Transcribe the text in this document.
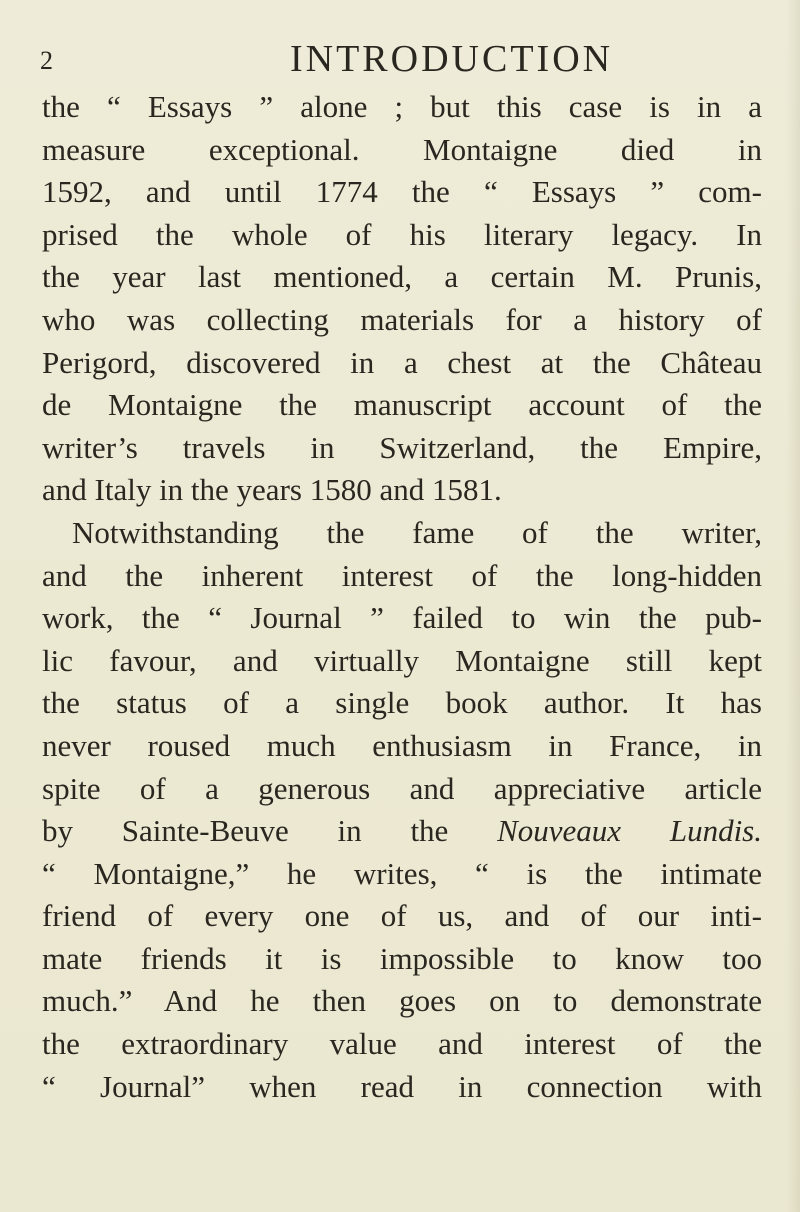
2	INTRODUCTION
the “ Essays ” alone ; but this case is in a
measure exceptional. Montaigne died in
1592, and until 1774 the “ Essays ” com-
prised the whole of his literary legacy. In
the year last mentioned, a certain M. Prunis,
who was collecting materials for a history of
Perigord, discovered in a chest at the Château
de Montaigne the manuscript account of the
writer’s travels in Switzerland, the Empire,
and Italy in the years 1580 and 1581.
Notwithstanding the fame of the writer,
and the inherent interest of the long-hidden
work, the “ Journal ” failed to win the pub-
lic favour, and virtually Montaigne still kept
the status of a single book author. It has
never roused much enthusiasm in France, in
spite of a generous and appreciative article
by Sainte-Beuve in the Nouveaux Lundis.
“ Montaigne,” he writes, “ is the intimate
friend of every one of us, and of our inti-
mate friends it is impossible to know too
much.” And he then goes on to demonstrate
the extraordinary value and interest of the
“ Journal” when read in connection with
